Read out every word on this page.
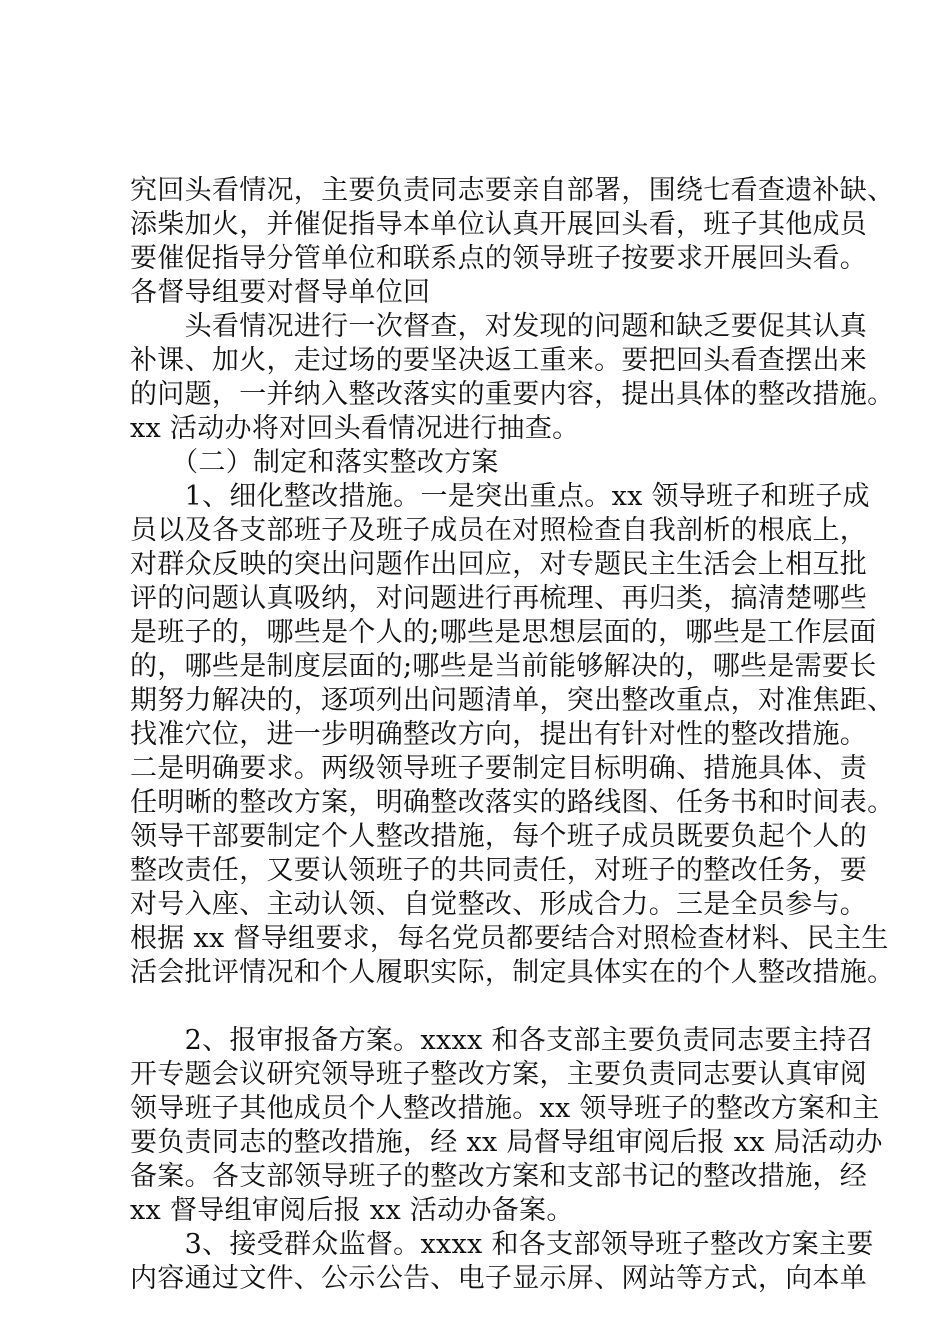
究回头看情况，主要负责同志要亲自部署，围绕七看查遗补缺、
添柴加火，并催促指导本单位认真开展回头看，班子其他成员
要催促指导分管单位和联系点的领导班子按要求开展回头看。
各督导组要对督导单位回
　　头看情况进行一次督查，对发现的问题和缺乏要促其认真
补课、加火，走过场的要坚决返工重来。要把回头看查摆出来
的问题，一并纳入整改落实的重要内容，提出具体的整改措施。
xx 活动办将对回头看情况进行抽查。
　　（二）制定和落实整改方案
　　1、细化整改措施。一是突出重点。xx 领导班子和班子成
员以及各支部班子及班子成员在对照检查自我剖析的根底上，
对群众反映的突出问题作出回应，对专题民主生活会上相互批
评的问题认真吸纳，对问题进行再梳理、再归类，搞清楚哪些
是班子的，哪些是个人的;哪些是思想层面的，哪些是工作层面
的，哪些是制度层面的;哪些是当前能够解决的，哪些是需要长
期努力解决的，逐项列出问题清单，突出整改重点，对准焦距、
找准穴位，进一步明确整改方向，提出有针对性的整改措施。
二是明确要求。两级领导班子要制定目标明确、措施具体、责
任明晰的整改方案，明确整改落实的路线图、任务书和时间表。
领导干部要制定个人整改措施，每个班子成员既要负起个人的
整改责任，又要认领班子的共同责任，对班子的整改任务，要
对号入座、主动认领、自觉整改、形成合力。三是全员参与。
根据 xx 督导组要求，每名党员都要结合对照检查材料、民主生
活会批评情况和个人履职实际，制定具体实在的个人整改措施。
　　2、报审报备方案。xxxx 和各支部主要负责同志要主持召
开专题会议研究领导班子整改方案，主要负责同志要认真审阅
领导班子其他成员个人整改措施。xx 领导班子的整改方案和主
要负责同志的整改措施，经 xx 局督导组审阅后报 xx 局活动办
备案。各支部领导班子的整改方案和支部书记的整改措施，经
xx 督导组审阅后报 xx 活动办备案。
　　3、接受群众监督。xxxx 和各支部领导班子整改方案主要
内容通过文件、公示公告、电子显示屏、网站等方式，向本单
